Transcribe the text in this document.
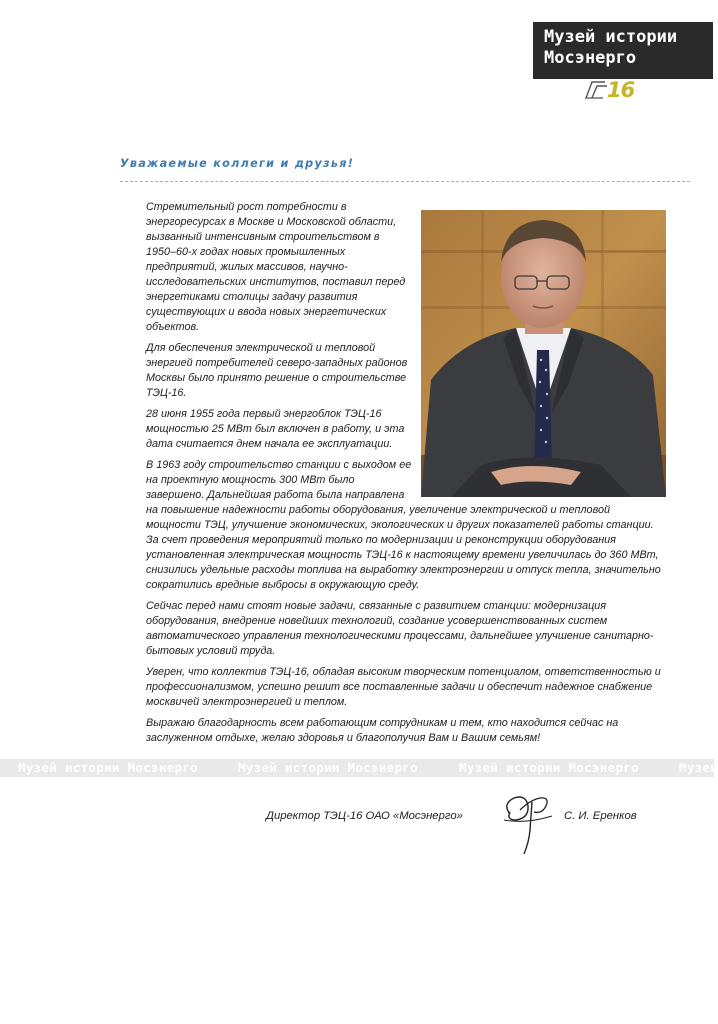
Музей истории
Мосэнерго
16
Уважаемые коллеги и друзья!

Стремительный рост потребности в энергоресурсах в Москве и Московской области, вызванный интенсивным строительством в 1950–60-х годах новых промышленных предприятий, жилых массивов, научно-исследовательских институтов, поставил перед энергетиками столицы задачу развития существующих и ввода новых энергетических объектов.

Для обеспечения электрической и тепловой энергией потребителей северо-западных районов Москвы было принято решение о строительстве ТЭЦ-16.

28 июня 1955 года первый энергоблок ТЭЦ-16 мощностью 25 МВт был включен в работу, и эта дата считается днем начала ее эксплуатации.

В 1963 году строительство станции с выходом ее на проектную мощность 300 МВт было завершено. Дальнейшая работа была направлена на повышение надежности работы оборудования, увеличение электрической и тепловой мощности ТЭЦ, улучшение экономических, экологических и других показателей работы станции. За счет проведения мероприятий только по модернизации и реконструкции оборудования установленная электрическая мощность ТЭЦ-16 к настоящему времени увеличилась до 360 МВт, снизились удельные расходы топлива на выработку электроэнергии и отпуск тепла, значительно сократились вредные выбросы в окружающую среду.

Сейчас перед нами стоят новые задачи, связанные с развитием станции: модернизация оборудования, внедрение новейших технологий, создание усовершенствованных систем автоматического управления технологическими процессами, дальнейшее улучшение санитарно-бытовых условий труда.

Уверен, что коллектив ТЭЦ-16, обладая высоким творческим потенциалом, ответственностью и профессионализмом, успешно решит все поставленные задачи и обеспечит надежное снабжение москвичей электроэнергией и теплом.

Выражаю благодарность всем работающим сотрудникам и тем, кто находится сейчас на заслуженном отдыхе, желаю здоровья и благополучия Вам и Вашим семьям!

Музей истории Мосэнерго	Музей истории Мосэнерго	Музей истории Мосэнерго	Музей
Директор ТЭЦ-16 ОАО «Мосэнерго»	С. И. Еренков
